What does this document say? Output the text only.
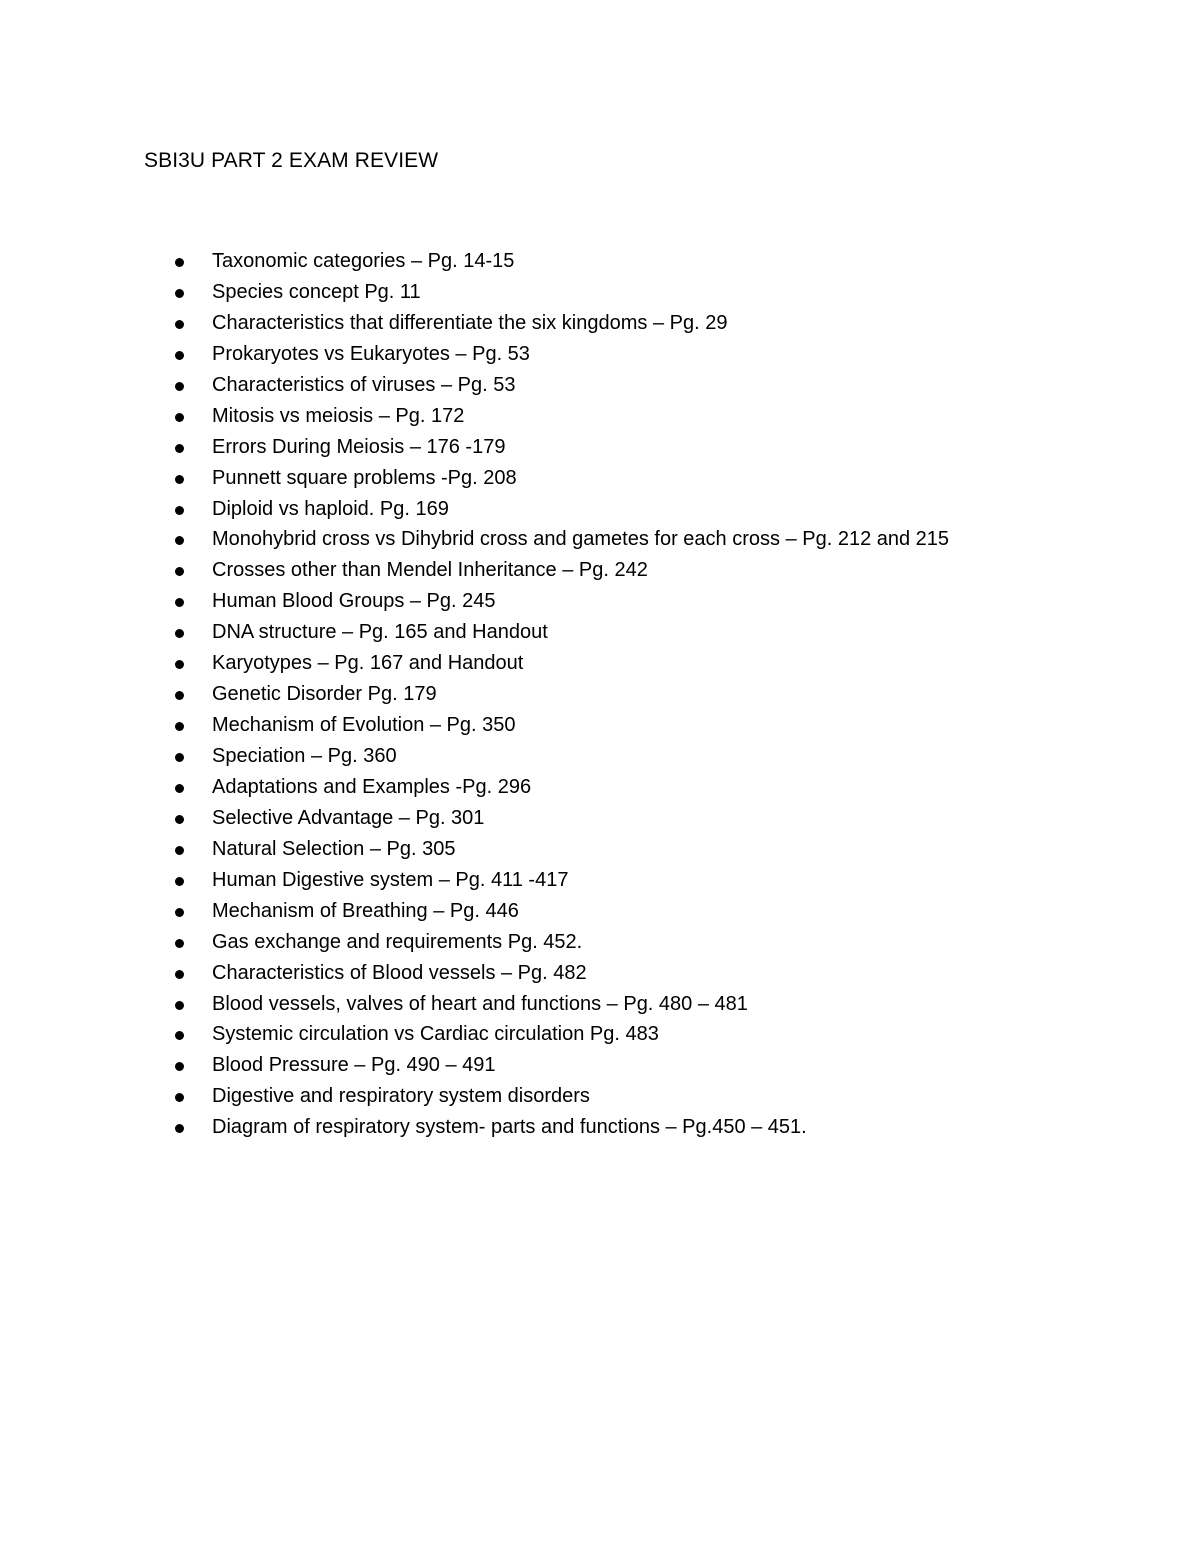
SBI3U PART 2 EXAM REVIEW
Taxonomic categories – Pg. 14-15
Species concept Pg. 11
Characteristics that differentiate the six kingdoms – Pg. 29
Prokaryotes vs Eukaryotes – Pg. 53
Characteristics of viruses – Pg. 53
Mitosis vs meiosis – Pg. 172
Errors During Meiosis – 176 -179
Punnett square problems -Pg. 208
Diploid vs haploid. Pg. 169
Monohybrid cross vs Dihybrid cross and gametes for each cross – Pg. 212 and 215
Crosses other than Mendel Inheritance – Pg. 242
Human Blood Groups – Pg. 245
DNA structure – Pg. 165 and Handout
Karyotypes – Pg. 167 and Handout
Genetic Disorder Pg. 179
Mechanism of Evolution – Pg. 350
Speciation – Pg. 360
Adaptations and Examples -Pg. 296
Selective Advantage – Pg. 301
Natural Selection – Pg. 305
Human Digestive system – Pg. 411 -417
Mechanism of Breathing – Pg. 446
Gas exchange and requirements Pg. 452.
Characteristics of Blood vessels – Pg. 482
Blood vessels, valves of heart and functions – Pg. 480 – 481
Systemic circulation vs Cardiac circulation Pg. 483
Blood Pressure – Pg. 490 – 491
Digestive and respiratory system disorders
Diagram of respiratory system- parts and functions – Pg.450 – 451.
